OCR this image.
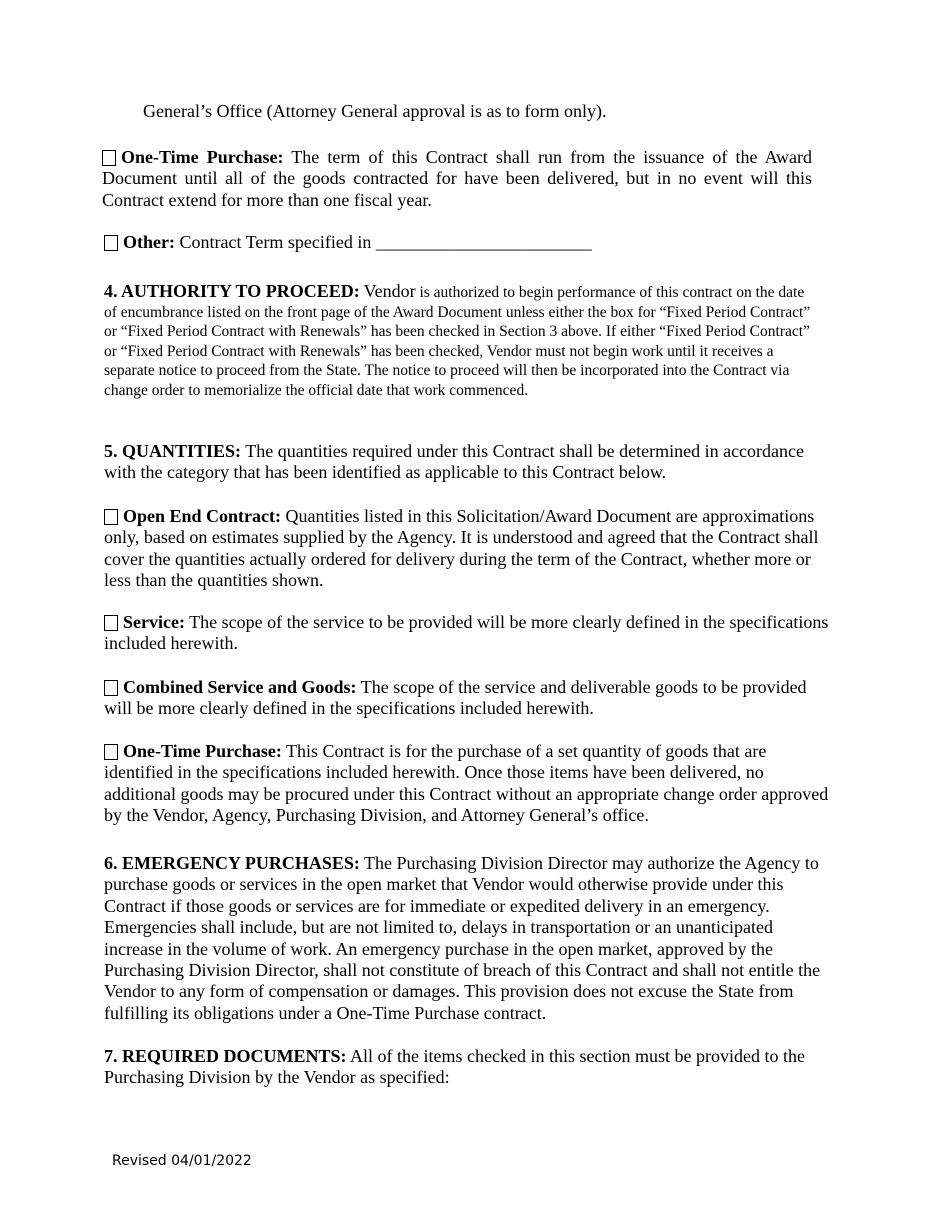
General’s Office (Attorney General approval is as to form only).
One-Time Purchase: The term of this Contract shall run from the issuance of the Award Document until all of the goods contracted for have been delivered, but in no event will this Contract extend for more than one fiscal year.
Other: Contract Term specified in ________________________
4. AUTHORITY TO PROCEED: Vendor is authorized to begin performance of this contract on the date of encumbrance listed on the front page of the Award Document unless either the box for “Fixed Period Contract” or “Fixed Period Contract with Renewals” has been checked in Section 3 above. If either “Fixed Period Contract” or “Fixed Period Contract with Renewals” has been checked, Vendor must not begin work until it receives a separate notice to proceed from the State. The notice to proceed will then be incorporated into the Contract via change order to memorialize the official date that work commenced.
5. QUANTITIES: The quantities required under this Contract shall be determined in accordance with the category that has been identified as applicable to this Contract below.
Open End Contract: Quantities listed in this Solicitation/Award Document are approximations only, based on estimates supplied by the Agency. It is understood and agreed that the Contract shall cover the quantities actually ordered for delivery during the term of the Contract, whether more or less than the quantities shown.
Service: The scope of the service to be provided will be more clearly defined in the specifications included herewith.
Combined Service and Goods: The scope of the service and deliverable goods to be provided will be more clearly defined in the specifications included herewith.
One-Time Purchase: This Contract is for the purchase of a set quantity of goods that are identified in the specifications included herewith. Once those items have been delivered, no additional goods may be procured under this Contract without an appropriate change order approved by the Vendor, Agency, Purchasing Division, and Attorney General’s office.
6. EMERGENCY PURCHASES: The Purchasing Division Director may authorize the Agency to purchase goods or services in the open market that Vendor would otherwise provide under this Contract if those goods or services are for immediate or expedited delivery in an emergency. Emergencies shall include, but are not limited to, delays in transportation or an unanticipated increase in the volume of work. An emergency purchase in the open market, approved by the Purchasing Division Director, shall not constitute of breach of this Contract and shall not entitle the Vendor to any form of compensation or damages. This provision does not excuse the State from fulfilling its obligations under a One-Time Purchase contract.
7. REQUIRED DOCUMENTS: All of the items checked in this section must be provided to the Purchasing Division by the Vendor as specified:
Revised 04/01/2022
